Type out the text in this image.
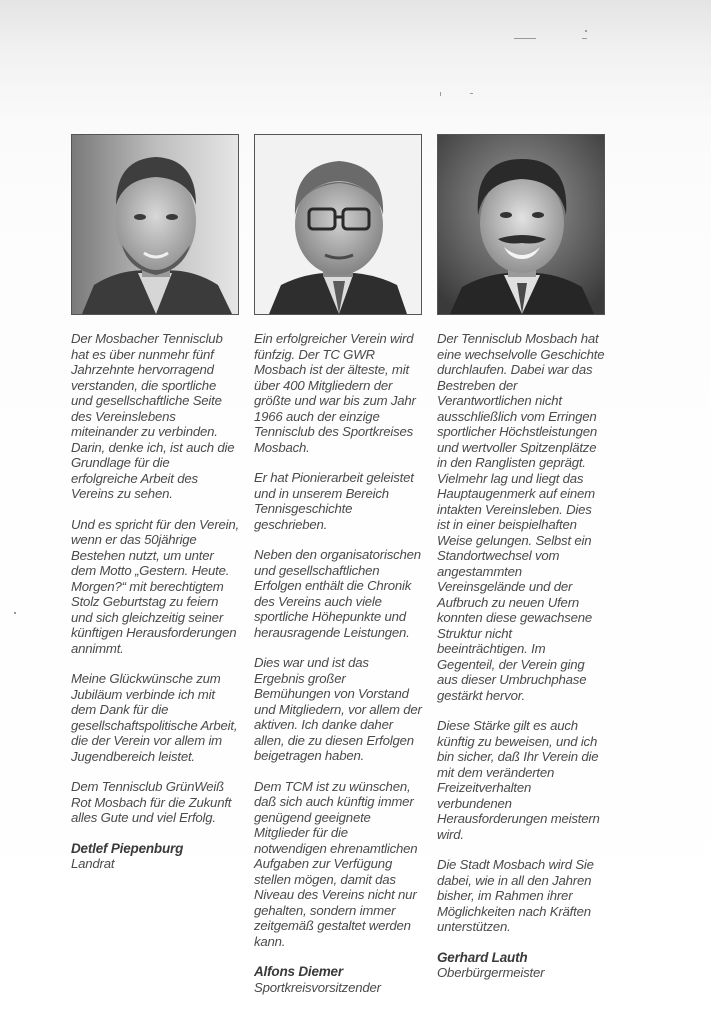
Der Mosbacher Tennisclub hat es über nunmehr fünf Jahrzehnte hervorragend verstanden, die sportliche und gesellschaftliche Seite des Vereinslebens miteinander zu verbinden. Darin, denke ich, ist auch die Grundlage für die erfolgreiche Arbeit des Vereins zu sehen.

Und es spricht für den Verein, wenn er das 50jährige Bestehen nutzt, um unter dem Motto „Gestern. Heute. Morgen?“ mit berechtigtem Stolz Geburtstag zu feiern und sich gleichzeitig seiner künftigen Herausforderungen annimmt.

Meine Glückwünsche zum Jubiläum verbinde ich mit dem Dank für die gesellschaftspolitische Arbeit, die der Verein vor allem im Jugendbereich leistet.

Dem Tennisclub GrünWeiß Rot Mosbach für die Zukunft alles Gute und viel Erfolg.

Detlef Piepenburg
Landrat

Ein erfolgreicher Verein wird fünfzig. Der TC GWR Mosbach ist der älteste, mit über 400 Mitgliedern der größte und war bis zum Jahr 1966 auch der einzige Tennisclub des Sportkreises Mosbach.

Er hat Pionierarbeit geleistet und in unserem Bereich Tennisgeschichte geschrieben.

Neben den organisatorischen und gesellschaftlichen Erfolgen enthält die Chronik des Vereins auch viele sportliche Höhepunkte und herausragende Leistungen.

Dies war und ist das Ergebnis großer Bemühungen von Vorstand und Mitgliedern, vor allem der aktiven. Ich danke daher allen, die zu diesen Erfolgen beigetragen haben.

Dem TCM ist zu wünschen, daß sich auch künftig immer genügend geeignete Mitglieder für die notwendigen ehrenamtlichen Aufgaben zur Verfügung stellen mögen, damit das Niveau des Vereins nicht nur gehalten, sondern immer zeitgemäß gestaltet werden kann.

Alfons Diemer
Sportkreisvorsitzender

Der Tennisclub Mosbach hat eine wechselvolle Geschichte durchlaufen. Dabei war das Bestreben der Verantwortlichen nicht ausschließlich vom Erringen sportlicher Höchstleistungen und wertvoller Spitzenplätze in den Ranglisten geprägt. Vielmehr lag und liegt das Hauptaugenmerk auf einem intakten Vereinsleben. Dies ist in einer beispielhaften Weise gelungen. Selbst ein Standortwechsel vom angestammten Vereinsgelände und der Aufbruch zu neuen Ufern konnten diese gewachsene Struktur nicht beeinträchtigen. Im Gegenteil, der Verein ging aus dieser Umbruchphase gestärkt hervor.

Diese Stärke gilt es auch künftig zu beweisen, und ich bin sicher, daß Ihr Verein die mit dem veränderten Freizeitverhalten verbundenen Herausforderungen meistern wird.

Die Stadt Mosbach wird Sie dabei, wie in all den Jahren bisher, im Rahmen ihrer Möglichkeiten nach Kräften unterstützen.

Gerhard Lauth
Oberbürgermeister
